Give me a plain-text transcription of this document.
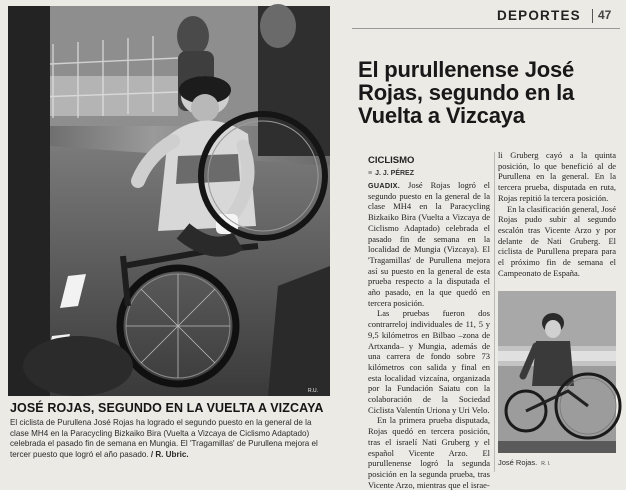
R.U.
JOSÉ ROJAS, SEGUNDO EN LA VUELTA A VIZCAYA
El ciclista de Purullena José Rojas ha logrado el segundo puesto en la general de la clase MH4 en la Paracycling Bizkaiko Bira (Vuelta a Vizcaya de Ciclismo Adaptado) celebrada el pasado fin de semana en Mungia. El 'Tragamillas' de Purullena mejora el tercer puesto que logró el año pasado. / R. Ubric.
DEPORTES 47
El purullenense José Rojas, segundo en la Vuelta a Vizcaya
CICLISMO
≡ J. J. PÉREZ

GUADIX. José Rojas logró el segundo puesto en la general de la clase MH4 en la Paracycling Bizkaiko Bira (Vuelta a Vizcaya de Ciclismo Adaptado) celebrada el pasado fin de semana en la localidad de Mungia (Vizcaya). El 'Tragamillas' de Purullena mejora así su puesto en la general de esta prueba respecto a la disputada el año pasado, en la que quedó en tercera posición.

Las pruebas fueron dos contrarreloj individuales de 11, 5 y 9,5 kilómetros en Bilbao –zona de Artxanda– y Mungia, además de una carrera de fondo sobre 73 kilómetros con salida y final en esta localidad vizcaína, organizada por la Fundación Saiatu con la colaboración de la Sociedad Ciclista Valentín Uriona y Uri Velo.

En la primera prueba disputada, Rojas quedó en tercera posición, tras el israelí Nati Gruberg y el español Vicente Arzo. El purullenense logró la segunda posición en la segunda prueba, tras Vicente Arzo, mientras que el israe-

li Gruberg cayó a la quinta posición, lo que benefició al de Purullena en la general. En la tercera prueba, disputada en ruta, Rojas repitió la tercera posición.

En la clasificación general, José Rojas pudo subir al segundo escalón tras Vicente Arzo y por delante de Nati Gruberg. El ciclista de Purullena prepara para el próximo fin de semana el Campeonato de España.

José Rojas. R. I.
